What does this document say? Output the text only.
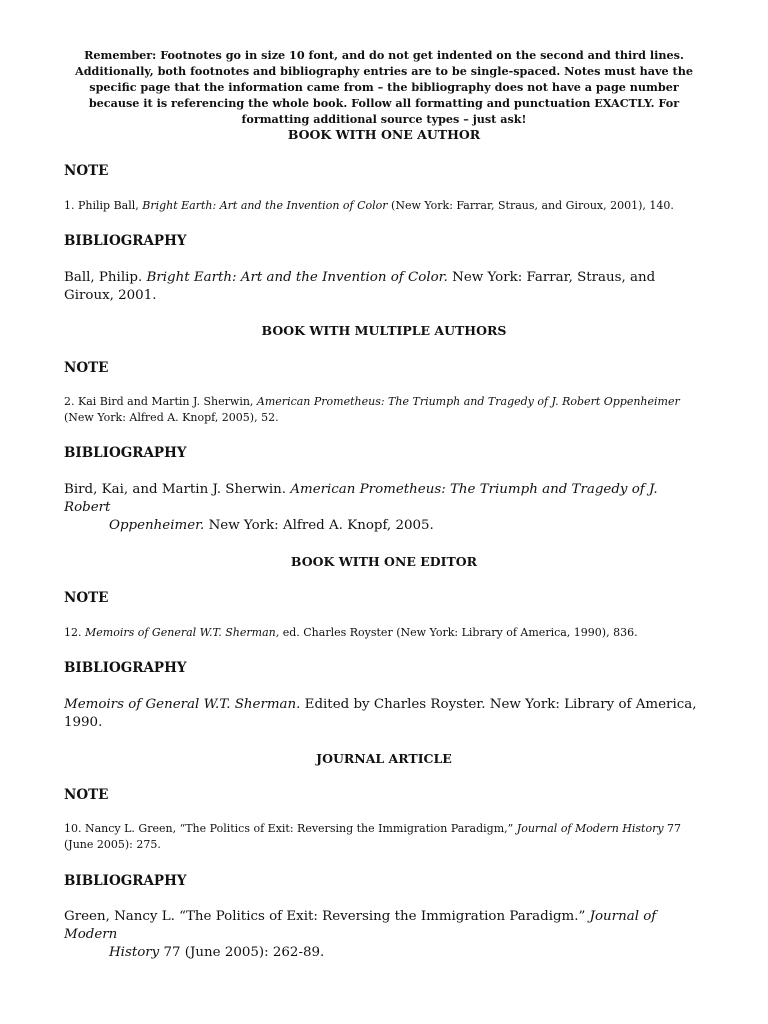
Remember: Footnotes go in size 10 font, and do not get indented on the second and third lines. Additionally, both footnotes and bibliography entries are to be single-spaced. Notes must have the specific page that the information came from – the bibliography does not have a page number because it is referencing the whole book. Follow all formatting and punctuation EXACTLY. For formatting additional source types – just ask!
BOOK WITH ONE AUTHOR
NOTE
1. Philip Ball, Bright Earth: Art and the Invention of Color (New York: Farrar, Straus, and Giroux, 2001), 140.
BIBLIOGRAPHY
Ball, Philip. Bright Earth: Art and the Invention of Color. New York: Farrar, Straus, and Giroux, 2001.
BOOK WITH MULTIPLE AUTHORS
NOTE
2. Kai Bird and Martin J. Sherwin, American Prometheus: The Triumph and Tragedy of J. Robert Oppenheimer (New York: Alfred A. Knopf, 2005), 52.
BIBLIOGRAPHY
Bird, Kai, and Martin J. Sherwin. American Prometheus: The Triumph and Tragedy of J. Robert
Oppenheimer. New York: Alfred A. Knopf, 2005.
BOOK WITH ONE EDITOR
NOTE
12. Memoirs of General W.T. Sherman, ed. Charles Royster (New York: Library of America, 1990), 836.
BIBLIOGRAPHY
Memoirs of General W.T. Sherman. Edited by Charles Royster. New York: Library of America, 1990.
JOURNAL ARTICLE
NOTE
10. Nancy L. Green, “The Politics of Exit: Reversing the Immigration Paradigm,” Journal of Modern History 77 (June 2005): 275.
BIBLIOGRAPHY
Green, Nancy L. “The Politics of Exit: Reversing the Immigration Paradigm.” Journal of Modern
History 77 (June 2005): 262-89.
